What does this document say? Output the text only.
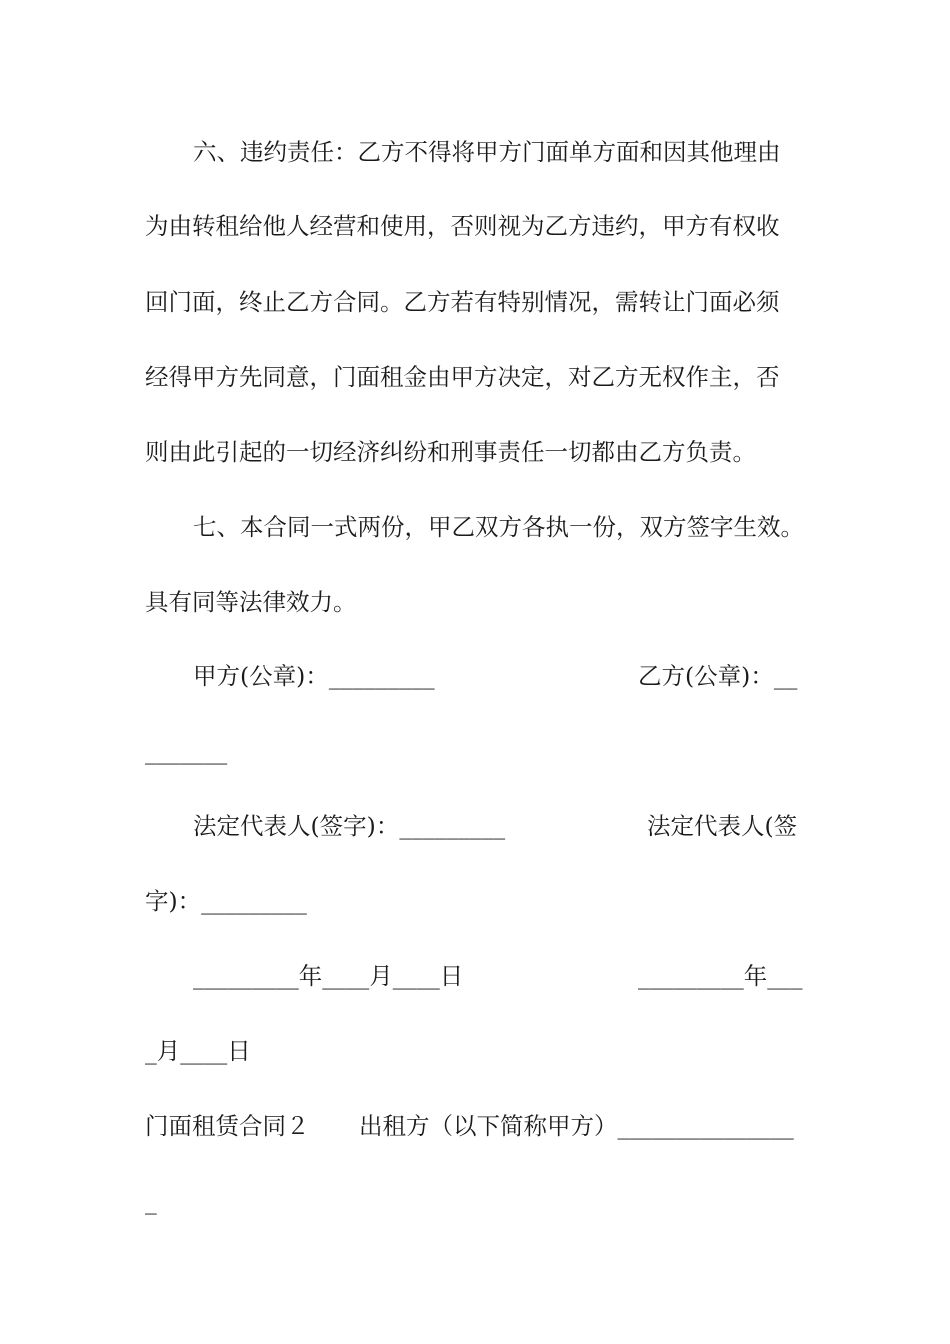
六、违约责任：乙方不得将甲方门面单方面和因其他理由
为由转租给他人经营和使用，否则视为乙方违约，甲方有权收
回门面，终止乙方合同。乙方若有特别情况，需转让门面必须
经得甲方先同意，门面租金由甲方决定，对乙方无权作主，否
则由此引起的一切经济纠纷和刑事责任一切都由乙方负责。
七、本合同一式两份，甲乙双方各执一份，双方签字生效。
具有同等法律效力。
甲方(公章)：_________	乙方(公章)：__
_______
法定代表人(签字)：_________	法定代表人(签
字)：_________
_________年____月____日	_________年___
_月____日
门面租赁合同２ 出租方（以下简称甲方）_______________
_
